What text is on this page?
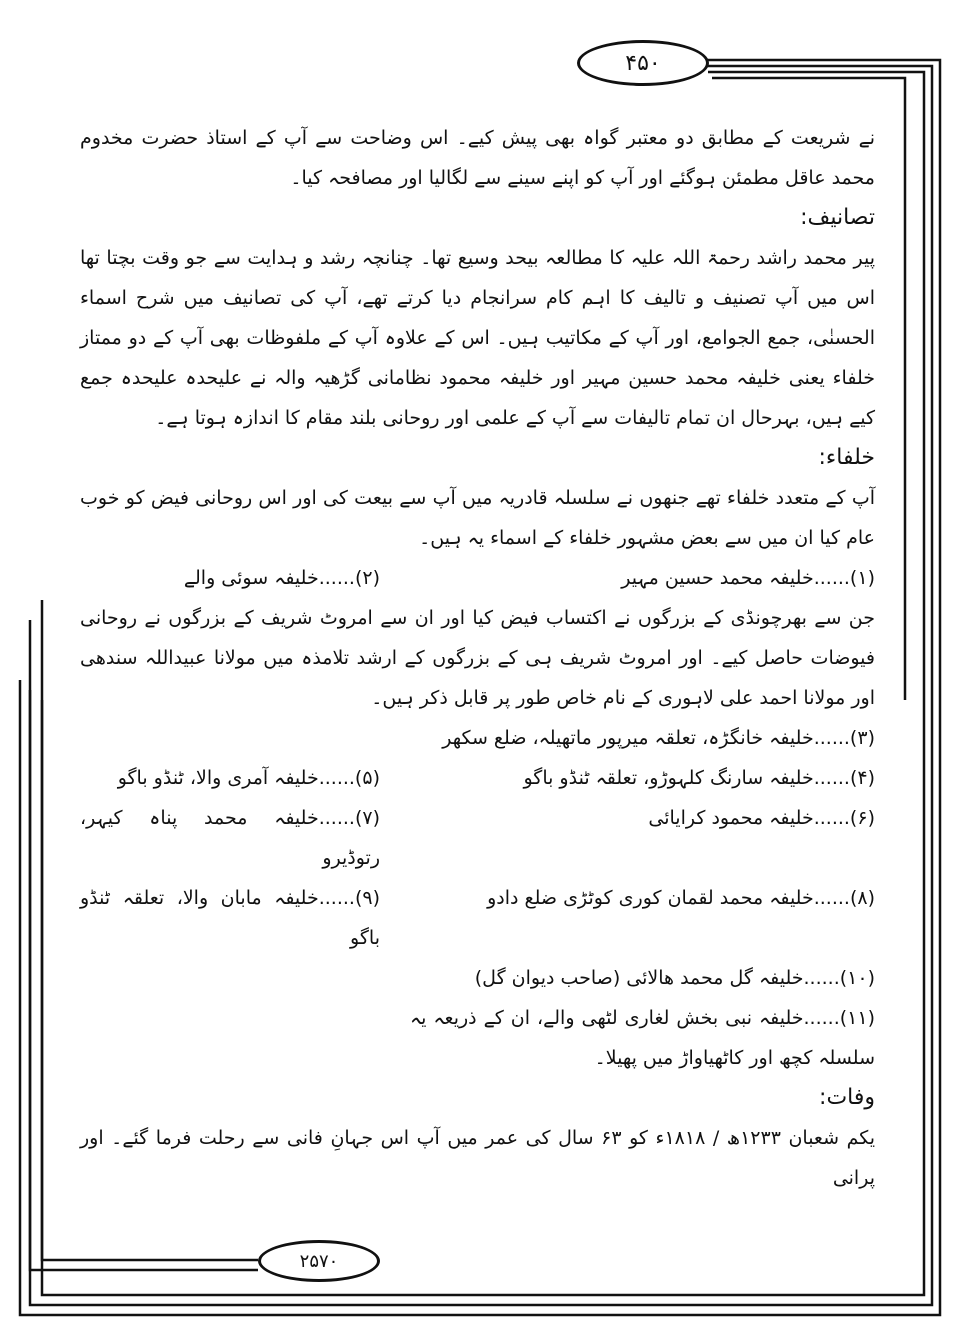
۴۵۰
۲۵۷۰

نے شریعت کے مطابق دو معتبر گواہ بھی پیش کیے۔ اس وضاحت سے آپ کے استاذ حضرت مخدوم محمد عاقل مطمئن ہوگئے اور آپ کو اپنے سینے سے لگالیا اور مصافحہ کیا۔

تصانیف:

پیر محمد راشد رحمۃ اللہ علیہ کا مطالعہ بیحد وسیع تھا۔ چنانچہ رشد و ہدایت سے جو وقت بچتا تھا اس میں آپ تصنیف و تالیف کا اہم کام سرانجام دیا کرتے تھے، آپ کی تصانیف میں شرح اسماء الحسنٰی، جمع الجوامع، اور آپ کے مکاتیب ہیں۔ اس کے علاوہ آپ کے ملفوظات بھی آپ کے دو ممتاز خلفاء یعنی خلیفہ محمد حسین مہیر اور خلیفہ محمود نظامانی گڑھیہ والہ نے علیحدہ علیحدہ جمع کیے ہیں، بہرحال ان تمام تالیفات سے آپ کے علمی اور روحانی بلند مقام کا اندازہ ہوتا ہے۔

خلفاء:

آپ کے متعدد خلفاء تھے جنھوں نے سلسلہ قادریہ میں آپ سے بیعت کی اور اس روحانی فیض کو خوب عام کیا ان میں سے بعض مشہور خلفاء کے اسماء یہ ہیں۔

(۱)......خلیفہ محمد حسین مہیر
(۲)......خلیفہ سوئی والے

جن سے بھرچونڈی کے بزرگوں نے اکتساب فیض کیا اور ان سے امروٹ شریف کے بزرگوں نے روحانی فیوضات حاصل کیے۔ اور امروٹ شریف ہی کے بزرگوں کے ارشد تلامذہ میں مولانا عبیداللہ سندھی اور مولانا احمد علی لاہوری کے نام خاص طور پر قابل ذکر ہیں۔

(۳)......خلیفہ خانگڑہ، تعلقہ میرپور ماتھیلہ، ضلع سکھر
(۴)......خلیفہ سارنگ کلہوڑو، تعلقہ ٹنڈو باگو
(۵)......خلیفہ آمری والا، ٹنڈو باگو
(۶)......خلیفہ محمود کرایائی
(۷)......خلیفہ محمد پناہ کیہر، رتوڈیرو
(۸)......خلیفہ محمد لقمان کوری کوٹڑی ضلع دادو
(۹)......خلیفہ مابان والا، تعلقہ ٹنڈو باگو
(۱۰)......خلیفہ گل محمد ھالائی (صاحب دیوان گل)
(۱۱)......خلیفہ نبی بخش لغاری لٹھی والے، ان کے ذریعہ یہ سلسلہ کچھ اور کاٹھیاواڑ میں پھیلا۔

وفات:

یکم شعبان ۱۲۳۳ھ / ۱۸۱۸ء کو ۶۳ سال کی عمر میں آپ اس جہانِ فانی سے رحلت فرما گئے۔ اور پرانی
